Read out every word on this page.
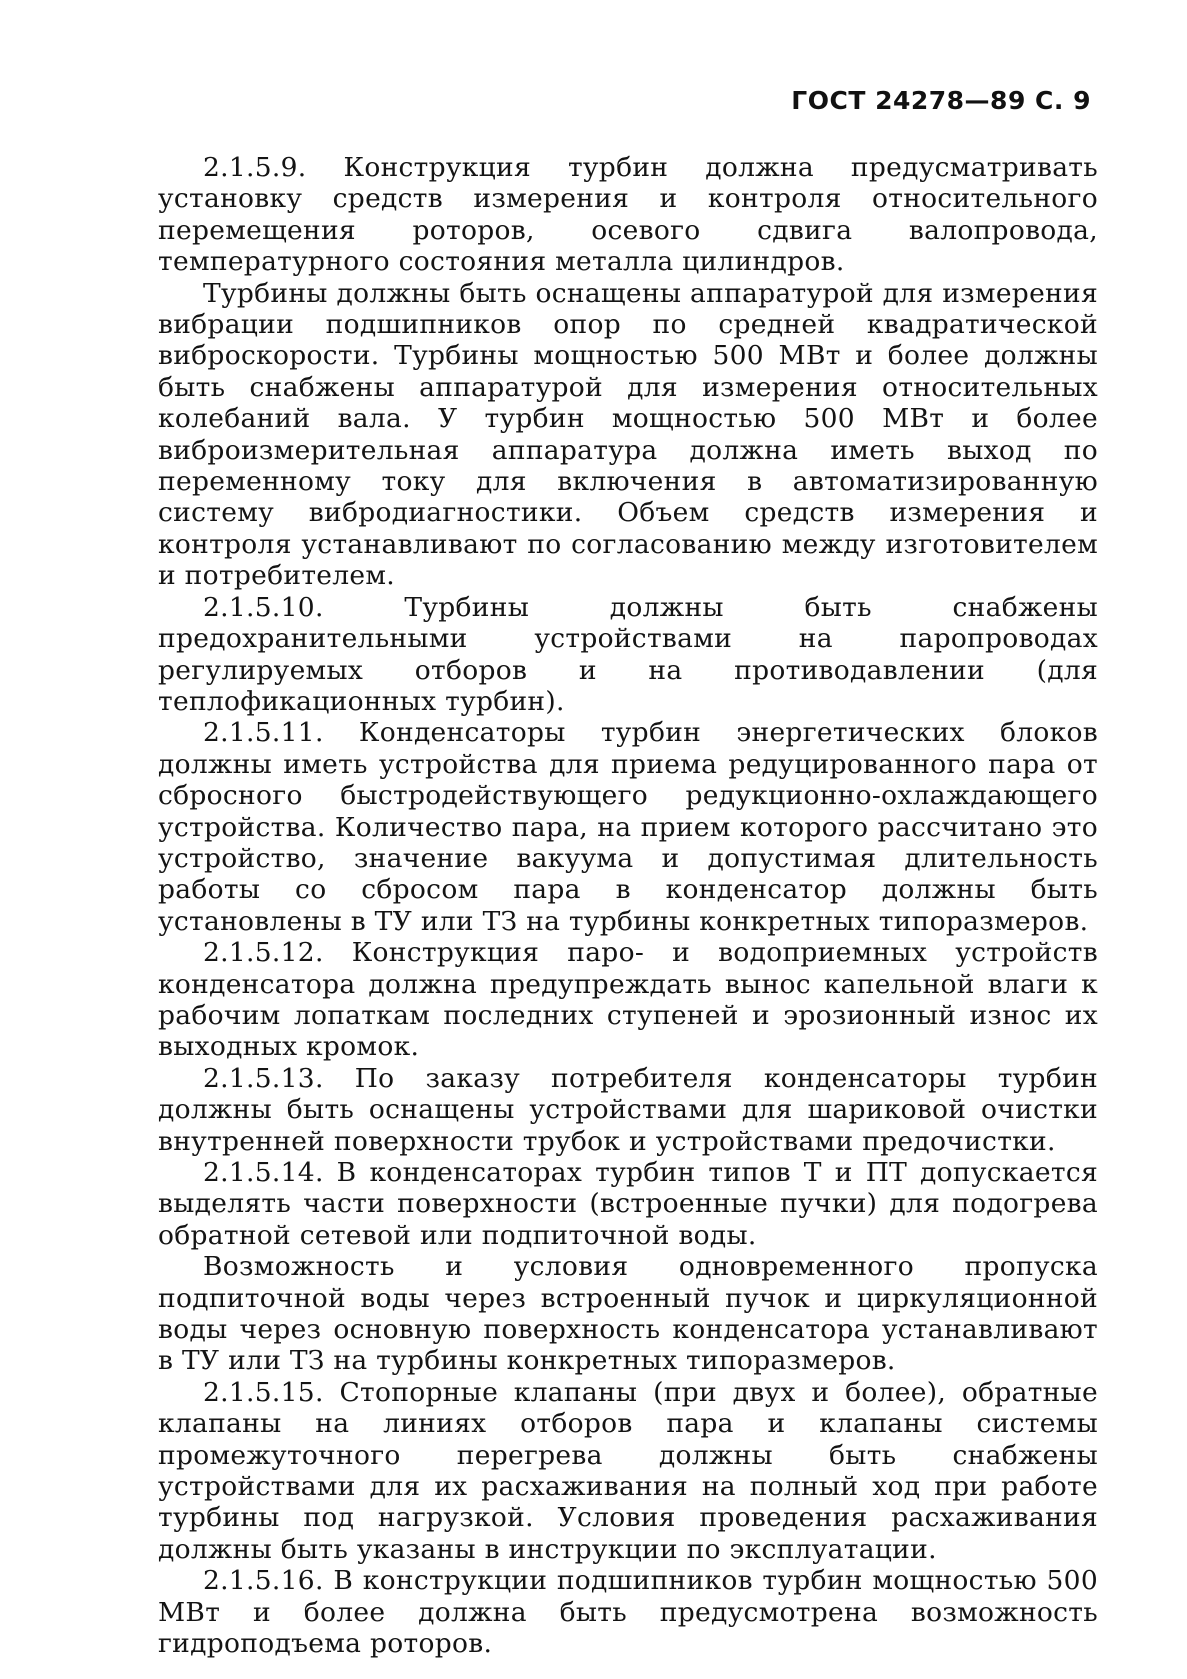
ГОСТ 24278—89 С. 9

2.1.5.9. Конструкция турбин должна предусматривать установку средств измерения и контроля относительного перемещения роторов, осевого сдвига валопровода, температурного состояния металла цилиндров.

Турбины должны быть оснащены аппаратурой для измерения вибрации подшипников опор по средней квадратической виброскорости. Турбины мощностью 500 МВт и более должны быть снабжены аппаратурой для измерения относительных колебаний вала. У турбин мощностью 500 МВт и более виброизмерительная аппаратура должна иметь выход по переменному току для включения в автоматизированную систему вибродиагностики. Объем средств измерения и контроля устанавливают по согласованию между изготовителем и потребителем.

2.1.5.10. Турбины должны быть снабжены предохранительными устройствами на паропроводах регулируемых отборов и на противодавлении (для теплофикационных турбин).

2.1.5.11. Конденсаторы турбин энергетических блоков должны иметь устройства для приема редуцированного пара от сбросного быстродействующего редукционно-охлаждающего устройства. Количество пара, на прием которого рассчитано это устройство, значение вакуума и допустимая длительность работы со сбросом пара в конденсатор должны быть установлены в ТУ или ТЗ на турбины конкретных типоразмеров.

2.1.5.12. Конструкция паро- и водоприемных устройств конденсатора должна предупреждать вынос капельной влаги к рабочим лопаткам последних ступеней и эрозионный износ их выходных кромок.

2.1.5.13. По заказу потребителя конденсаторы турбин должны быть оснащены устройствами для шариковой очистки внутренней поверхности трубок и устройствами предочистки.

2.1.5.14. В конденсаторах турбин типов Т и ПТ допускается выделять части поверхности (встроенные пучки) для подогрева обратной сетевой или подпиточной воды.

Возможность и условия одновременного пропуска подпиточной воды через встроенный пучок и циркуляционной воды через основную поверхность конденсатора устанавливают в ТУ или ТЗ на турбины конкретных типоразмеров.

2.1.5.15. Стопорные клапаны (при двух и более), обратные клапаны на линиях отборов пара и клапаны системы промежуточного перегрева должны быть снабжены устройствами для их расхаживания на полный ход при работе турбины под нагрузкой. Условия проведения расхаживания должны быть указаны в инструкции по эксплуатации.

2.1.5.16. В конструкции подшипников турбин мощностью 500 МВт и более должна быть предусмотрена возможность гидроподъема роторов.
